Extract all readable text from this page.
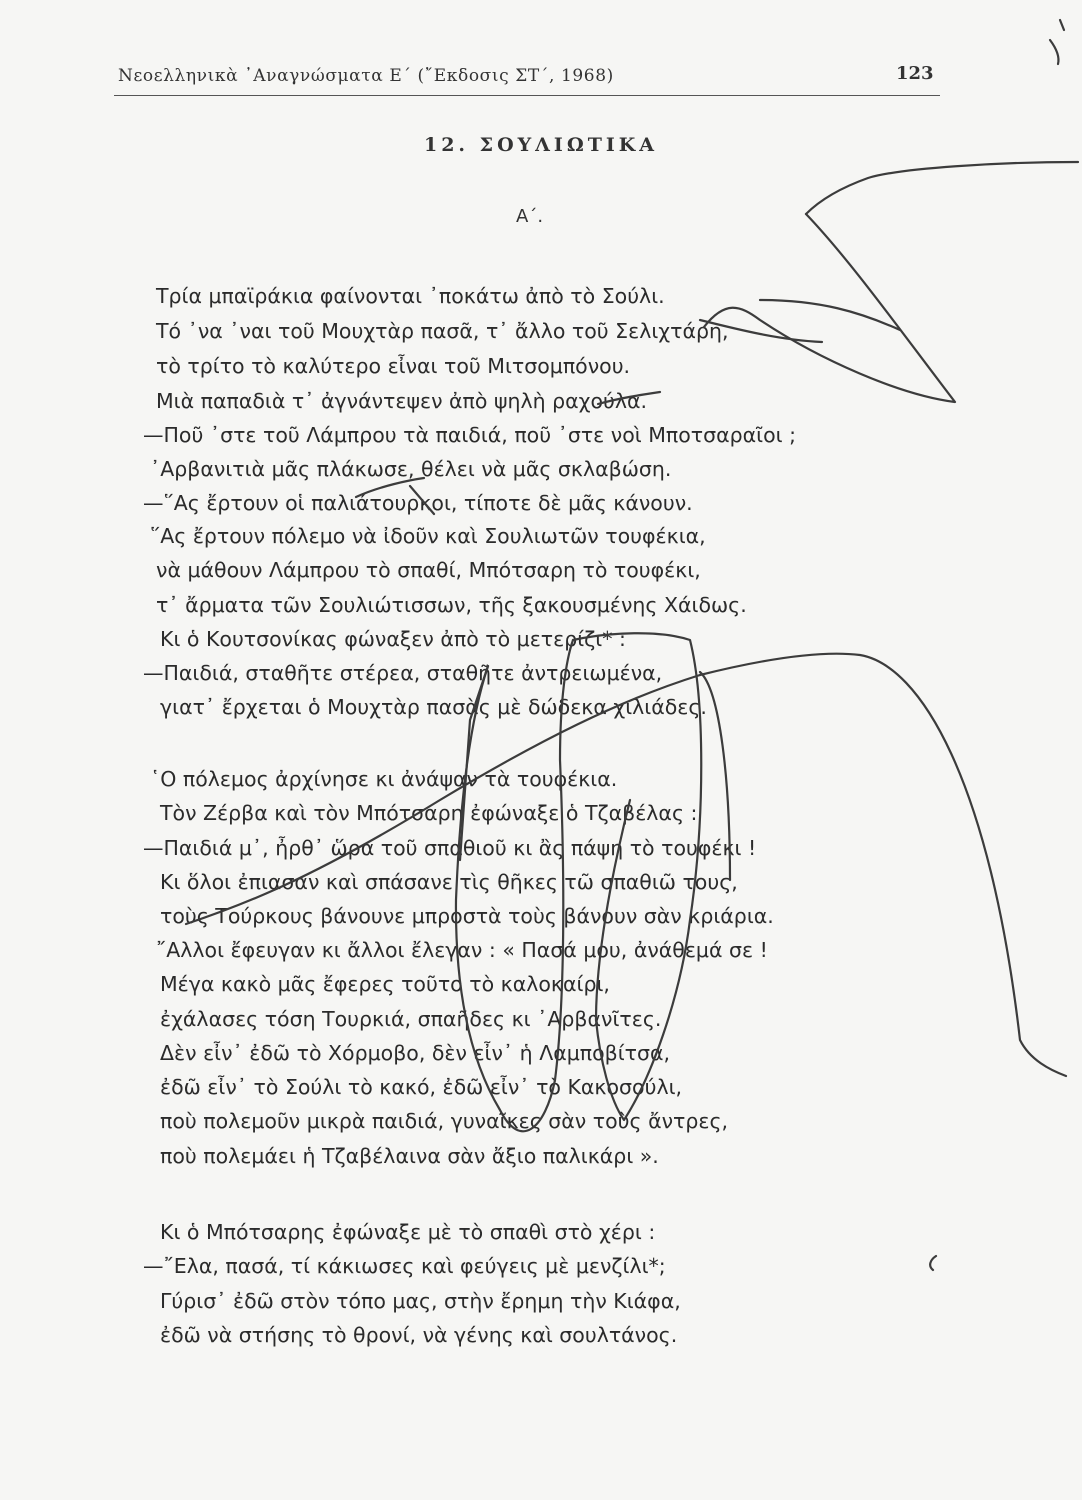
Νεοελληνικὰ ᾿Αναγνώσματα Ε΄ (῎Εκδοσις ΣΤ΄, 1968)	123
12. ΣΟΥΛΙΩΤΙΚΑ
Α΄.
Τρία μπαϊράκια φαίνονται ᾿ποκάτω ἀπὸ τὸ Σούλι.
Τό ᾿να ᾿ναι τοῦ Μουχτὰρ πασᾶ, τ᾿ ἄλλο τοῦ Σελιχτάρη,
τὸ τρίτο τὸ καλύτερο εἶναι τοῦ Μιτσομπόνου.
Μιὰ παπαδιὰ τ᾿ ἀγνάντεψεν ἀπὸ ψηλὴ ραχούλα.
—Ποῦ ᾿στε τοῦ Λάμπρου τὰ παιδιά, ποῦ ᾿στε νοὶ Μποτσαραῖοι ;
᾿Αρβανιτιὰ μᾶς πλάκωσε, θέλει νὰ μᾶς σκλαβώση.
—῞Ας ἔρτουν οἱ παλιάτουρκοι, τίποτε δὲ μᾶς κάνουν.
῞Ας ἔρτουν πόλεμο νὰ ἰδοῦν καὶ Σουλιωτῶν τουφέκια,
νὰ μάθουν Λάμπρου τὸ σπαθί, Μπότσαρη τὸ τουφέκι,
τ᾿ ἄρματα τῶν Σουλιώτισσων, τῆς ξακουσμένης Χάιδως.
Κι ὁ Κουτσονίκας φώναξεν ἀπὸ τὸ μετερίζι* :
—Παιδιά, σταθῆτε στέρεα, σταθῆτε ἀντρειωμένα,
γιατ᾿ ἔρχεται ὁ Μουχτὰρ πασὰς μὲ δώδεκα χιλιάδες.
῾Ο πόλεμος ἀρχίνησε κι ἀνάψαν τὰ τουφέκια.
Τὸν Ζέρβα καὶ τὸν Μπότσαρη ἐφώναξε ὁ Τζαβέλας :
—Παιδιά μ᾿, ἦρθ᾿ ὥρα τοῦ σπαθιοῦ κι ἂς πάψη τὸ τουφέκι !
Κι ὅλοι ἐπιασαν καὶ σπάσανε τὶς θῆκες τῶ σπαθιῶ τους,
τοὺς Τούρκους βάνουνε μπροστὰ τοὺς βάνουν σὰν κριάρια.
῎Αλλοι ἔφευγαν κι ἄλλοι ἔλεγαν : « Πασά μου, ἀνάθεμά σε !
Μέγα κακὸ μᾶς ἔφερες τοῦτο τὸ καλοκαίρι,
ἐχάλασες τόση Τουρκιά, σπαῆδες κι ᾿Αρβανῖτες.
Δὲν εἶν᾿ ἐδῶ τὸ Χόρμοβο, δὲν εἶν᾿ ἡ Λαμποβίτσα,
ἐδῶ εἶν᾿ τὸ Σούλι τὸ κακό, ἐδῶ εἶν᾿ τὸ Κακοσούλι,
ποὺ πολεμοῦν μικρὰ παιδιά, γυναῖκες σὰν τοὺς ἄντρες,
ποὺ πολεμάει ἡ Τζαβέλαινα σὰν ἄξιο παλικάρι ».
Κι ὁ Μπότσαρης ἐφώναξε μὲ τὸ σπαθὶ στὸ χέρι :
—῎Ελα, πασά, τί κάκιωσες καὶ φεύγεις μὲ μενζίλι*;
Γύρισ᾿ ἐδῶ στὸν τόπο μας, στὴν ἔρημη τὴν Κιάφα,
ἐδῶ νὰ στήσης τὸ θρονί, νὰ γένης καὶ σουλτάνος.
